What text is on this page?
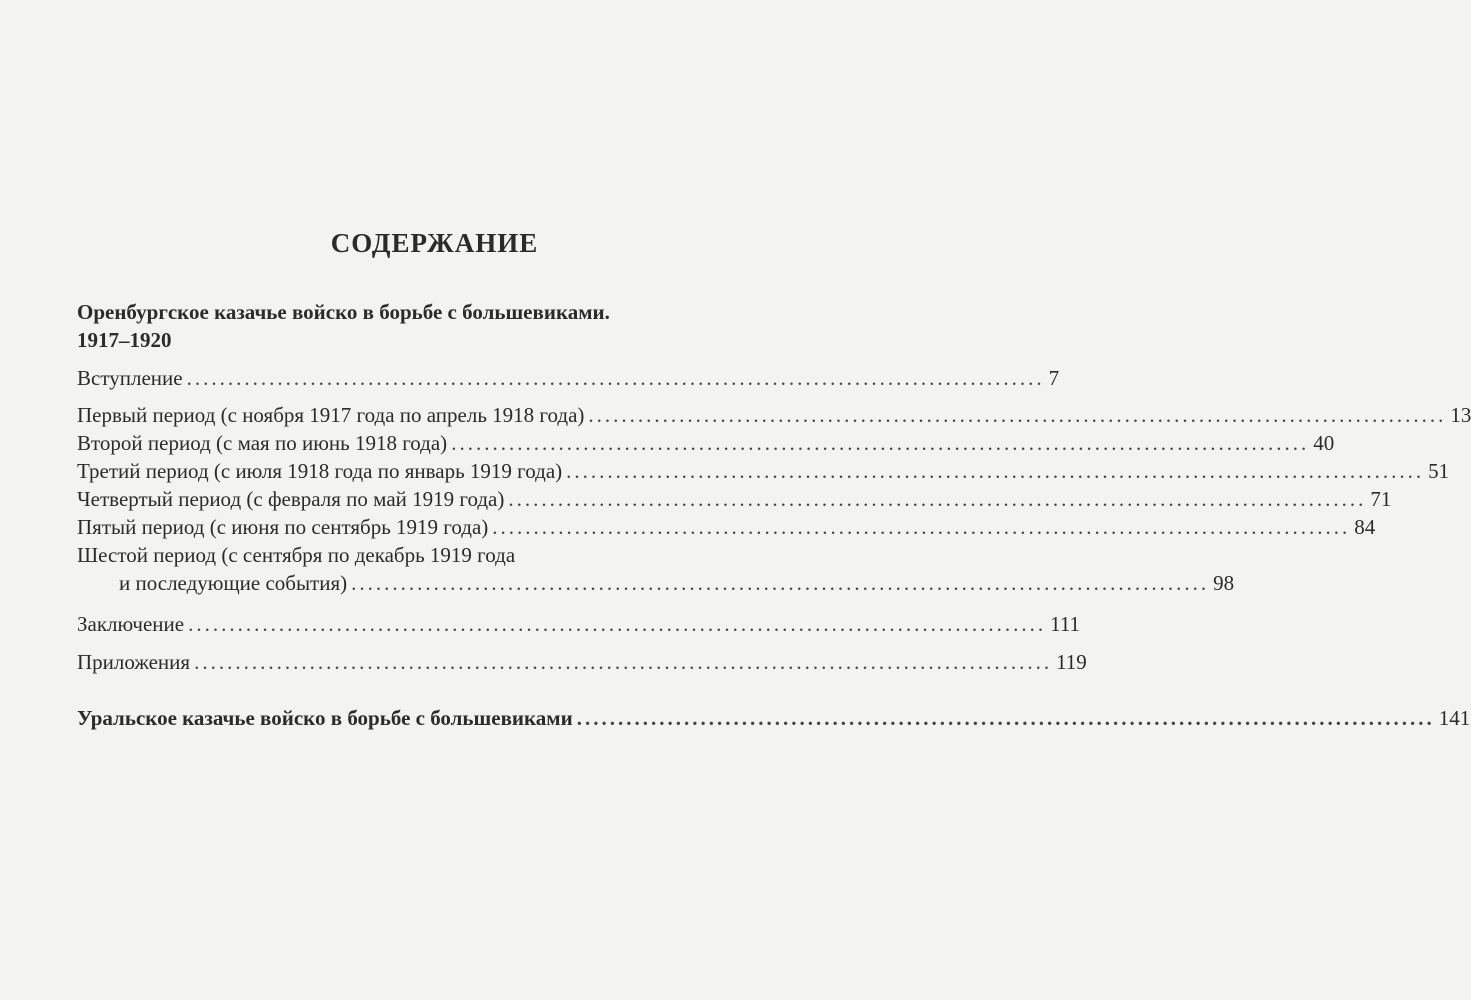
СОДЕРЖАНИЕ
Оренбургское казачье войско в борьбе с большевиками.
1917–1920
Вступление ........................................................................................................ 7
Первый период (с ноября 1917 года по апрель 1918 года) ........................................................................................................ 13
Второй период (с мая по июнь 1918 года) ........................................................................................................ 40
Третий период (с июля 1918 года по январь 1919 года) ........................................................................................................ 51
Четвертый период (с февраля по май 1919 года) ........................................................................................................ 71
Пятый период (с июня по сентябрь 1919 года) ........................................................................................................ 84
Шестой период (с сентября по декабрь 1919 года
и последующие события) ........................................................................................................ 98
Заключение ........................................................................................................ 111
Приложения ........................................................................................................ 119
Уральское казачье войско в борьбе с большевиками ........................................................................................................ 141
